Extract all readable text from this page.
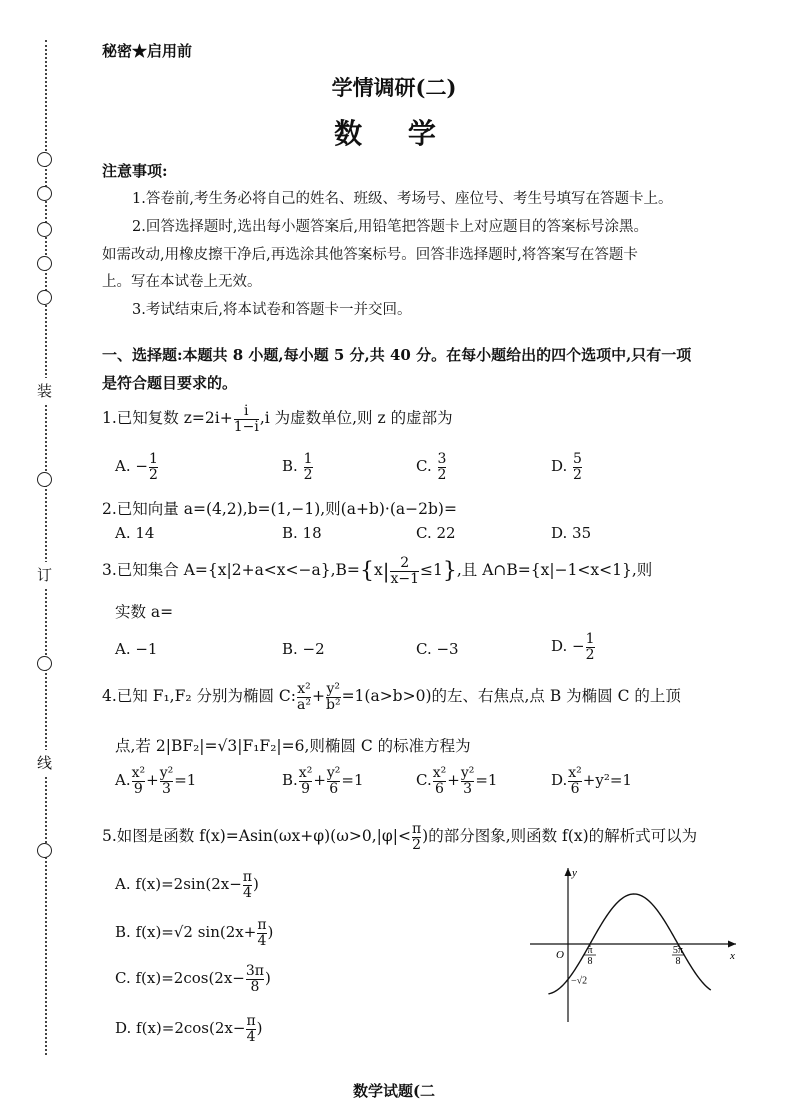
装
订
线
秘密★启用前
学情调研(二)
数 学
注意事项:
1.答卷前,考生务必将自己的姓名、班级、考场号、座位号、考生号填写在答题卡上。
2.回答选择题时,选出每小题答案后,用铅笔把答题卡上对应题目的答案标号涂黑。
如需改动,用橡皮擦干净后,再选涂其他答案标号。回答非选择题时,将答案写在答题卡
上。写在本试卷上无效。
3.考试结束后,将本试卷和答题卡一并交回。
一、选择题:本题共 8 小题,每小题 5 分,共 40 分。在每小题给出的四个选项中,只有一项
是符合题目要求的。
1.已知复数 $z=2i+ \frac{i}{1-i} ,i$ 为虚数单位,则 z 的虚部为
A. − $\frac{1}{2}$	B. $\frac{1}{2}$	C. $\frac{3}{2}$	D. $\frac{5}{2}$
2.已知向量 a=(4,2),b=(1,−1),则(a+b)·(a−2b)=
A. 14	B. 18	C. 22	D. 35
3.已知集合 $A=\{x|2+a<x<-a\},B=\{x| \frac{2}{x-1} \le 1\}$,且 A∩B={x|−1<x<1},则
实数 a=
A. −1	B. −2	C. −3	D. − $\frac{1}{2}$
4.已知 F₁,F₂ 分别为椭圆 C: $\frac{\text{x²}}{\text{a²}} + \frac{\text{y²}}{\text{b²}} =1(a>b>0)$的左、右焦点,点 B 为椭圆 C 的上顶
点,若 2|BF₂|=√3|F₁F₂|=6,则椭圆 C 的标准方程为
A. $\frac{\text{x²}}{9} + \frac{\text{y²}}{3} =1$	B. $\frac{\text{x²}}{9} + \frac{\text{y²}}{6} =1$	C. $\frac{\text{x²}}{6} + \frac{\text{y²}}{3} =1$	D. $\frac{\text{x²}}{6} +y^2=1$
5.如图是函数 $f(x)=Asin(\omega x+\varphi)(\omega>0,|\varphi|< \frac{\pi}{2}$ )的部分图象,则函数 f(x)的解析式可以为
A. $f(x)=2\sin(2x- \frac{\pi}{4}$ )
B. f(x)=√2 $\sin(2x+ \frac{\pi}{4}$ )
C. $f(x)=2\cos(2x- \frac{3\pi}{8}$ )
D. $f(x)=2\cos(2x- \frac{\pi}{4}$ )
y
x
O π
8
5π
8
−√2
数学试题(二
